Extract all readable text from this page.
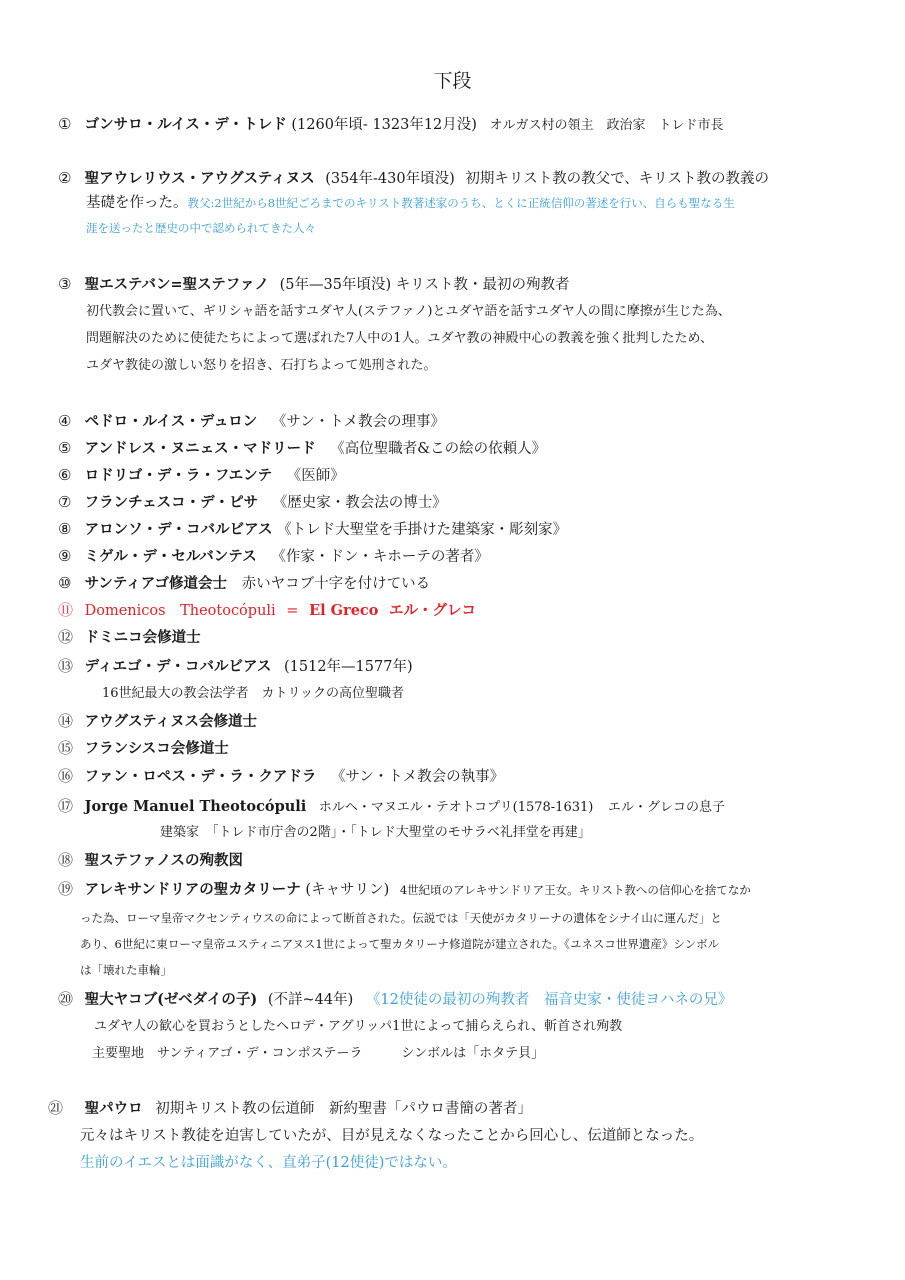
下段
① ゴンサロ・ルイス・デ・トレド (1260年頃- 1323年12月没) オルガス村の領主　政治家　トレド市長
② 聖アウレリウス・アウグスティヌス (354年-430年頃没) 初期キリスト教の教父で、キリスト教の教義の
基礎を作った。教父:2世紀から8世紀ごろまでのキリスト教著述家のうち、とくに正統信仰の著述を行い、自らも聖なる生
涯を送ったと歴史の中で認められてきた人々
③ 聖エステバン=聖ステファノ (5年—35年頃没) キリスト教・最初の殉教者
初代教会に置いて、ギリシャ語を話すユダヤ人(ステファノ)とユダヤ語を話すユダヤ人の間に摩擦が生じた為、
問題解決のために使徒たちによって選ばれた7人中の1人。ユダヤ教の神殿中心の教義を強く批判したため、
ユダヤ教徒の激しい怒りを招き、石打ちよって処刑された。
④ ペドロ・ルイス・デュロン 《サン・トメ教会の理事》
⑤ アンドレス・ヌニェス・マドリード 《高位聖職者&この絵の依頼人》
⑥ ロドリゴ・デ・ラ・フエンテ 《医師》
⑦ フランチェスコ・デ・ピサ 《歴史家・教会法の博士》
⑧ アロンソ・デ・コバルビアス 《トレド大聖堂を手掛けた建築家・彫刻家》
⑨ ミゲル・デ・セルバンテス 《作家・ドン・キホーテの著者》
⑩ サンティアゴ修道会士 赤いヤコブ十字を付けている
⑪ Domenicos　Theotocópuli = El Greco エル・グレコ
⑫ ドミニコ会修道士
⑬ ディエゴ・デ・コバルビアス (1512年—1577年)
16世紀最大の教会法学者　カトリックの高位聖職者
⑭ アウグスティヌス会修道士
⑮ フランシスコ会修道士
⑯ ファン・ロペス・デ・ラ・クアドラ 《サン・トメ教会の執事》
⑰ Jorge Manuel Theotocópuli ホルヘ・マヌエル・テオトコプリ(1578-1631) エル・グレコの息子
建築家　「トレド市庁舎の2階」・「トレド大聖堂のモサラベ礼拝堂を再建」
⑱ 聖ステファノスの殉教図
⑲ アレキサンドリアの聖カタリーナ (キャサリン) 4世紀頃のアレキサンドリア王女。キリスト教への信仰心を捨てなか
った為、ローマ皇帝マクセンティウスの命によって断首された。伝説では「天使がカタリーナの遺体をシナイ山に運んだ」と
あり、6世紀に東ローマ皇帝ユスティニアヌス1世によって聖カタリーナ修道院が建立された。《ユネスコ世界遺産》シンボル
は「壊れた車輪」
⑳ 聖大ヤコブ(ゼベダイの子) (不詳~44年) 《12使徒の最初の殉教者　福音史家・使徒ヨハネの兄》
ユダヤ人の歓心を買おうとしたヘロデ・アグリッパ1世によって捕らえられ、斬首され殉教
主要聖地　サンティアゴ・デ・コンポステーラ　　　シンボルは「ホタテ貝」
㉑ 聖パウロ 初期キリスト教の伝道師　新約聖書「パウロ書簡の著者」
元々はキリスト教徒を迫害していたが、目が見えなくなったことから回心し、伝道師となった。
生前のイエスとは面識がなく、直弟子(12使徒)ではない。
